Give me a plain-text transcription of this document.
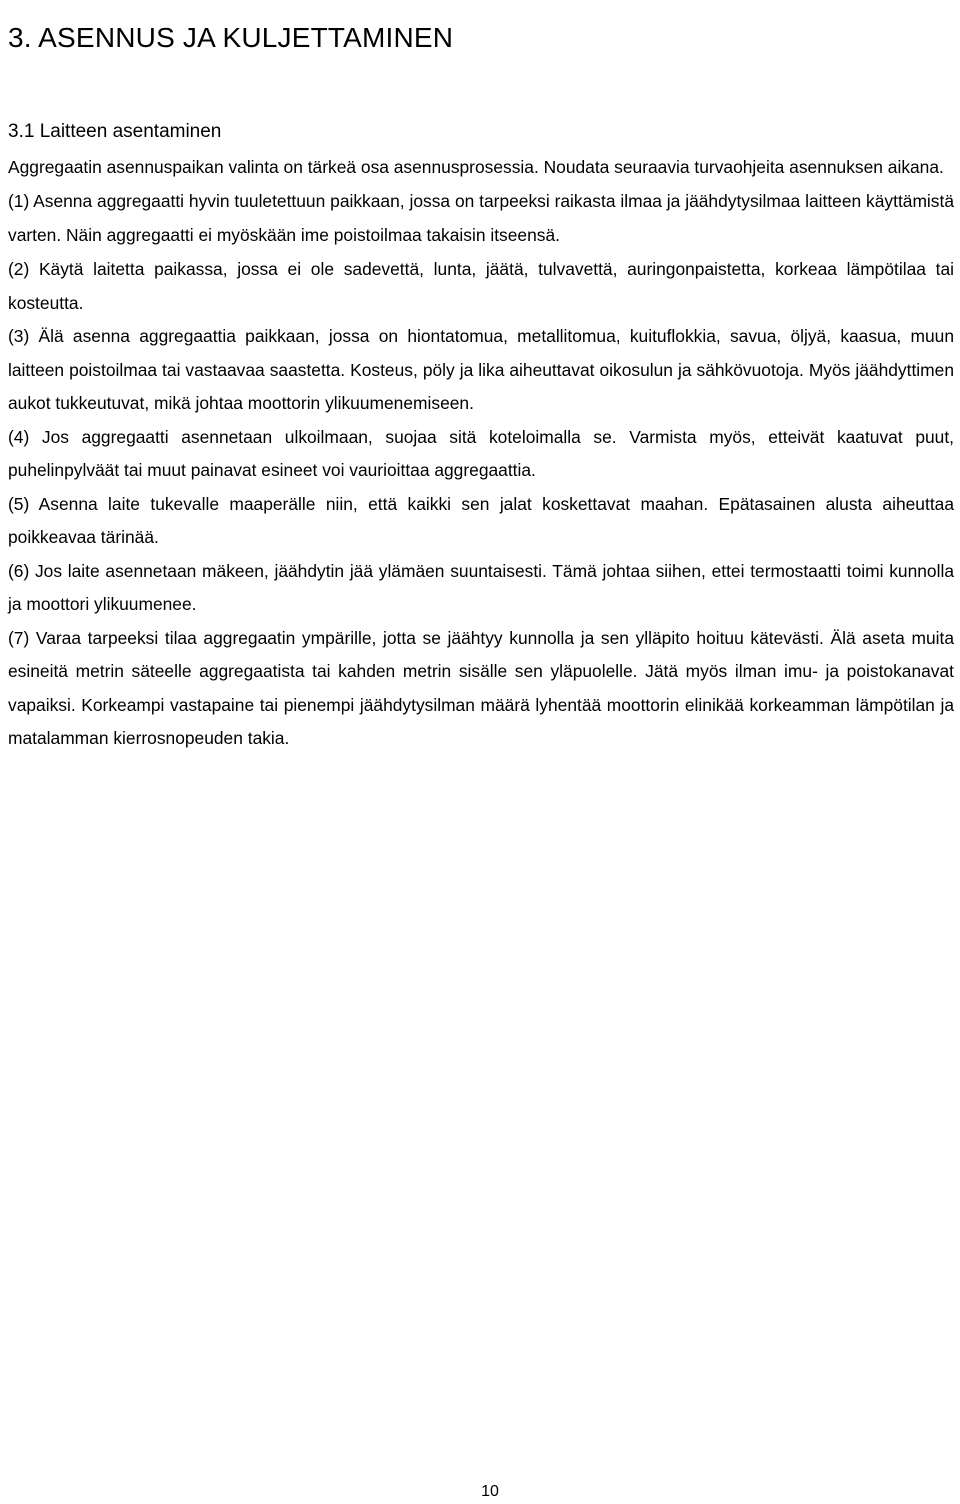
3. ASENNUS JA KULJETTAMINEN
3.1 Laitteen asentaminen

Aggregaatin asennuspaikan valinta on tärkeä osa asennusprosessia. Noudata seuraavia turvaohjeita asennuksen aikana.

(1) Asenna aggregaatti hyvin tuuletettuun paikkaan, jossa on tarpeeksi raikasta ilmaa ja jäähdytysilmaa laitteen käyttämistä varten. Näin aggregaatti ei myöskään ime poistoilmaa takaisin itseensä.

(2) Käytä laitetta paikassa, jossa ei ole sadevettä, lunta, jäätä, tulvavettä, auringonpaistetta, korkeaa lämpötilaa tai kosteutta.

(3) Älä asenna aggregaattia paikkaan, jossa on hiontatomua, metallitomua, kuituflokkia, savua, öljyä, kaasua, muun laitteen poistoilmaa tai vastaavaa saastetta. Kosteus, pöly ja lika aiheuttavat oikosulun ja sähkövuotoja. Myös jäähdyttimen aukot tukkeutuvat, mikä johtaa moottorin ylikuumenemiseen.

(4) Jos aggregaatti asennetaan ulkoilmaan, suojaa sitä koteloimalla se. Varmista myös, etteivät kaatuvat puut, puhelinpylväät tai muut painavat esineet voi vaurioittaa aggregaattia.

(5) Asenna laite tukevalle maaperälle niin, että kaikki sen jalat koskettavat maahan. Epätasainen alusta aiheuttaa poikkeavaa tärinää.

(6) Jos laite asennetaan mäkeen, jäähdytin jää ylämäen suuntaisesti. Tämä johtaa siihen, ettei termostaatti toimi kunnolla ja moottori ylikuumenee.

(7) Varaa tarpeeksi tilaa aggregaatin ympärille, jotta se jäähtyy kunnolla ja sen ylläpito hoituu kätevästi. Älä aseta muita esineitä metrin säteelle aggregaatista tai kahden metrin sisälle sen yläpuolelle. Jätä myös ilman imu- ja poistokanavat vapaiksi. Korkeampi vastapaine tai pienempi jäähdytysilman määrä lyhentää moottorin elinikää korkeamman lämpötilan ja matalamman kierrosnopeuden takia.

10
